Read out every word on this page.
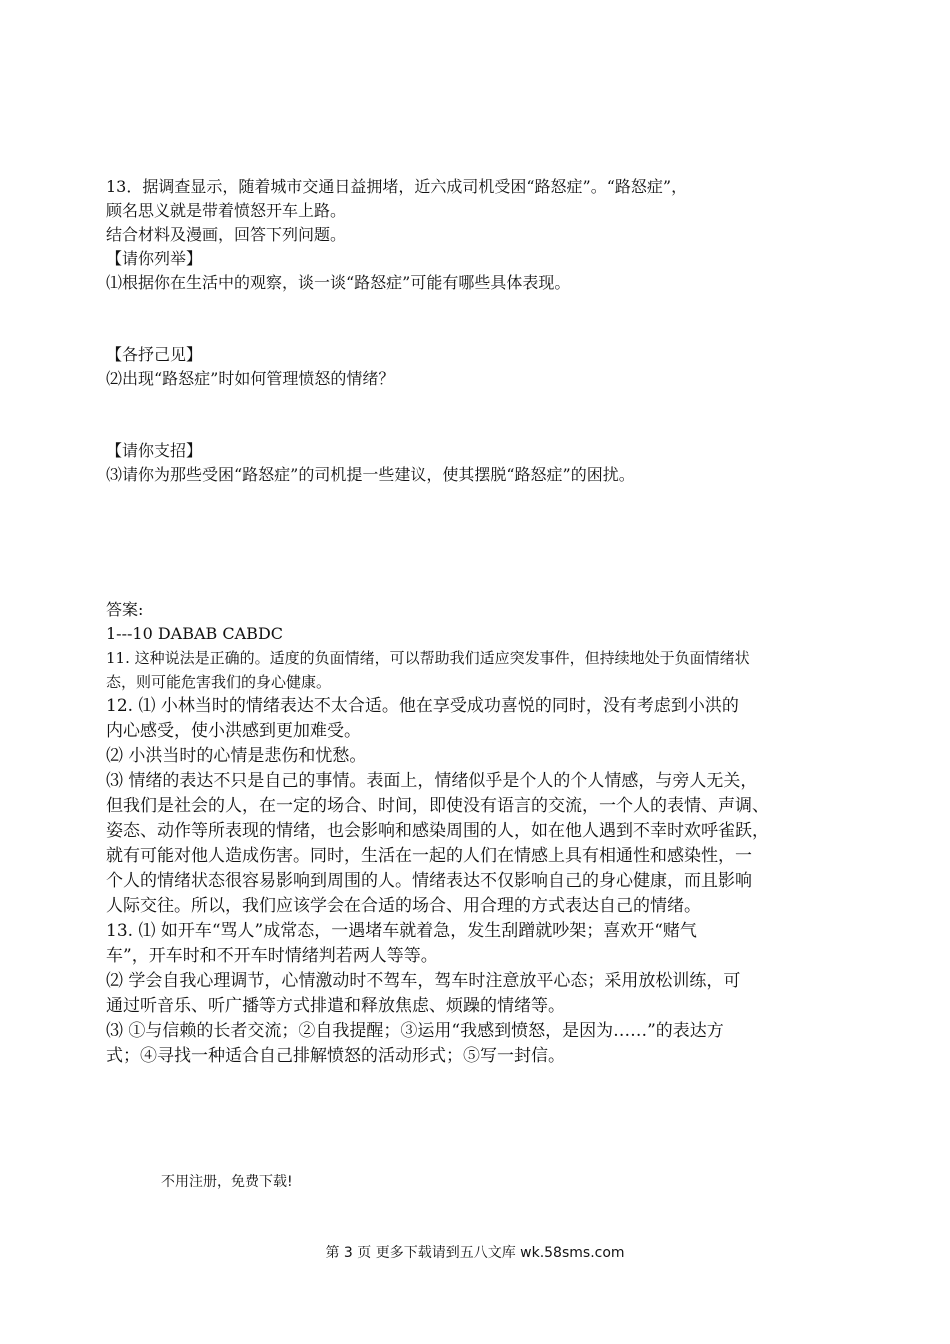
13．据调查显示，随着城市交通日益拥堵，近六成司机受困“路怒症”。“路怒症”，
顾名思义就是带着愤怒开车上路。
结合材料及漫画，回答下列问题。
【请你列举】
⑴根据你在生活中的观察，谈一谈“路怒症”可能有哪些具体表现。
【各抒己见】
⑵出现“路怒症”时如何管理愤怒的情绪？
【请你支招】
⑶请你为那些受困“路怒症”的司机提一些建议，使其摆脱“路怒症”的困扰。
答案:
1---10 DABAB CABDC
11. 这种说法是正确的。适度的负面情绪，可以帮助我们适应突发事件，但持续地处于负面情绪状
态，则可能危害我们的身心健康。
12. ⑴ 小林当时的情绪表达不太合适。他在享受成功喜悦的同时，没有考虑到小洪的
内心感受，使小洪感到更加难受。
⑵ 小洪当时的心情是悲伤和忧愁。
⑶ 情绪的表达不只是自己的事情。表面上，情绪似乎是个人的个人情感，与旁人无关，
但我们是社会的人，在一定的场合、时间，即使没有语言的交流，一个人的表情、声调、
姿态、动作等所表现的情绪，也会影响和感染周围的人，如在他人遇到不幸时欢呼雀跃，
就有可能对他人造成伤害。同时，生活在一起的人们在情感上具有相通性和感染性，一
个人的情绪状态很容易影响到周围的人。情绪表达不仅影响自己的身心健康，而且影响
人际交往。所以，我们应该学会在合适的场合、用合理的方式表达自己的情绪。
13. ⑴ 如开车“骂人”成常态，一遇堵车就着急，发生刮蹭就吵架；喜欢开“赌气
车”，开车时和不开车时情绪判若两人等等。
⑵ 学会自我心理调节，心情激动时不驾车，驾车时注意放平心态；采用放松训练，可
通过听音乐、听广播等方式排遣和释放焦虑、烦躁的情绪等。
⑶ ①与信赖的长者交流；②自我提醒；③运用“我感到愤怒，是因为……”的表达方
式；④寻找一种适合自己排解愤怒的活动形式；⑤写一封信。
不用注册，免费下载!
第 3 页 更多下载请到五八文库 wk.58sms.com
